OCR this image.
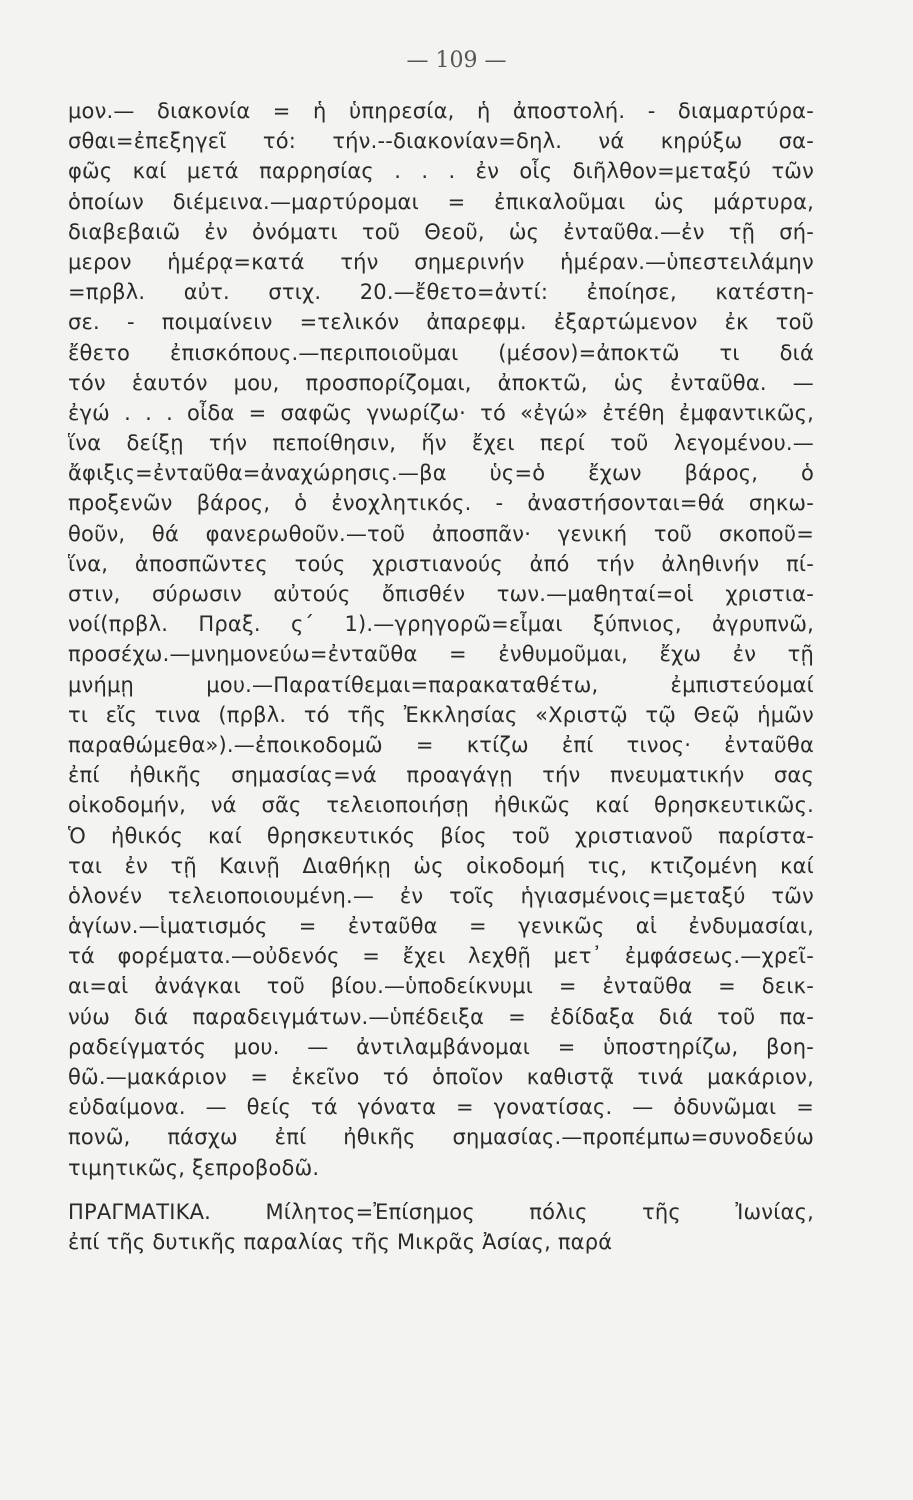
— 109 —
μον.— διακονία = ἡ ὑπηρεσία, ἡ ἀποστολή. - διαμαρτύρα-
σθαι=ἐπεξηγεῖ τό: τήν.--διακονίαν=δηλ. νά κηρύξω σα-
φῶς καί μετά παρρησίας . . . ἐν οἷς διῆλθον=μεταξύ τῶν
ὁποίων διέμεινα.—μαρτύρομαι = ἐπικαλοῦμαι ὡς μάρτυρα,
διαβεβαιῶ ἐν ὀνόματι τοῦ Θεοῦ, ὡς ἐνταῦθα.—ἐν τῇ σή-
μερον ἡμέρᾳ=κατά τήν σημερινήν ἡμέραν.—ὑπεστειλάμην
=πρβλ. αὐτ. στιχ. 20.—ἔθετο=ἀντί: ἐποίησε, κατέστη-
σε. - ποιμαίνειν =τελικόν ἀπαρεφμ. ἐξαρτώμενον ἐκ τοῦ
ἔθετο ἐπισκόπους.—περιποιοῦμαι (μέσον)=ἀποκτῶ τι διά
τόν ἑαυτόν μου, προσπορίζομαι, ἀποκτῶ, ὡς ἐνταῦθα. —
ἐγώ . . . οἶδα = σαφῶς γνωρίζω· τό «ἐγώ» ἐτέθη ἐμφαντικῶς,
ἵνα δείξῃ τήν πεποίθησιν, ἥν ἔχει περί τοῦ λεγομένου.—
ἄφιξις=ἐνταῦθα=ἀναχώρησις.—βα ὑς=ὁ ἔχων βάρος, ὁ
προξενῶν βάρος, ὁ ἐνοχλητικός. - ἀναστήσονται=θά σηκω-
θοῦν, θά φανερωθοῦν.—τοῦ ἀποσπᾶν· γενική τοῦ σκοποῦ=
ἵνα, ἀποσπῶντες τούς χριστιανούς ἀπό τήν ἀληθινήν πί-
στιν, σύρωσιν αὐτούς ὄπισθέν των.—μαθηταί=οἱ χριστια-
νοί(πρβλ. Πραξ. ς´ 1).—γρηγορῶ=εἶμαι ξύπνιος, ἀγρυπνῶ,
προσέχω.—μνημονεύω=ἐνταῦθα = ἐνθυμοῦμαι, ἔχω ἐν τῇ
μνήμῃ μου.—Παρατίθεμαι=παρακαταθέτω, ἐμπιστεύομαί
τι εἴς τινα (πρβλ. τό τῆς Ἐκκλησίας «Χριστῷ τῷ Θεῷ ἡμῶν
παραθώμεθα»).—ἐποικοδομῶ = κτίζω ἐπί τινος· ἐνταῦθα
ἐπί ἠθικῆς σημασίας=νά προαγάγῃ τήν πνευματικήν σας
οἰκοδομήν, νά σᾶς τελειοποιήσῃ ἠθικῶς καί θρησκευτικῶς.
Ὁ ἠθικός καί θρησκευτικός βίος τοῦ χριστιανοῦ παρίστα-
ται ἐν τῇ Καινῇ Διαθήκῃ ὡς οἰκοδομή τις, κτιζομένη καί
ὁλονέν τελειοποιουμένη.— ἐν τοῖς ἡγιασμένοις=μεταξύ τῶν
ἁγίων.—ἱματισμός = ἐνταῦθα = γενικῶς αἱ ἐνδυμασίαι,
τά φορέματα.—οὐδενός = ἔχει λεχθῇ μετ᾽ ἐμφάσεως.—χρεῖ-
αι=αἱ ἀνάγκαι τοῦ βίου.—ὑποδείκνυμι = ἐνταῦθα = δεικ-
νύω διά παραδειγμάτων.—ὑπέδειξα = ἐδίδαξα διά τοῦ πα-
ραδείγματός μου. — ἀντιλαμβάνομαι = ὑποστηρίζω, βοη-
θῶ.—μακάριον = ἐκεῖνο τό ὁποῖον καθιστᾷ τινά μακάριον,
εὐδαίμονα. — θείς τά γόνατα = γονατίσας. — ὀδυνῶμαι =
πονῶ, πάσχω ἐπί ἠθικῆς σημασίας.—προπέμπω=συνοδεύω
τιμητικῶς, ξεπροβοδῶ.
ΠΡΑΓΜΑΤΙΚΑ. Μίλητος=Ἐπίσημος πόλις τῆς Ἰωνίας,
ἐπί τῆς δυτικῆς παραλίας τῆς Μικρᾶς Ἀσίας, παρά
